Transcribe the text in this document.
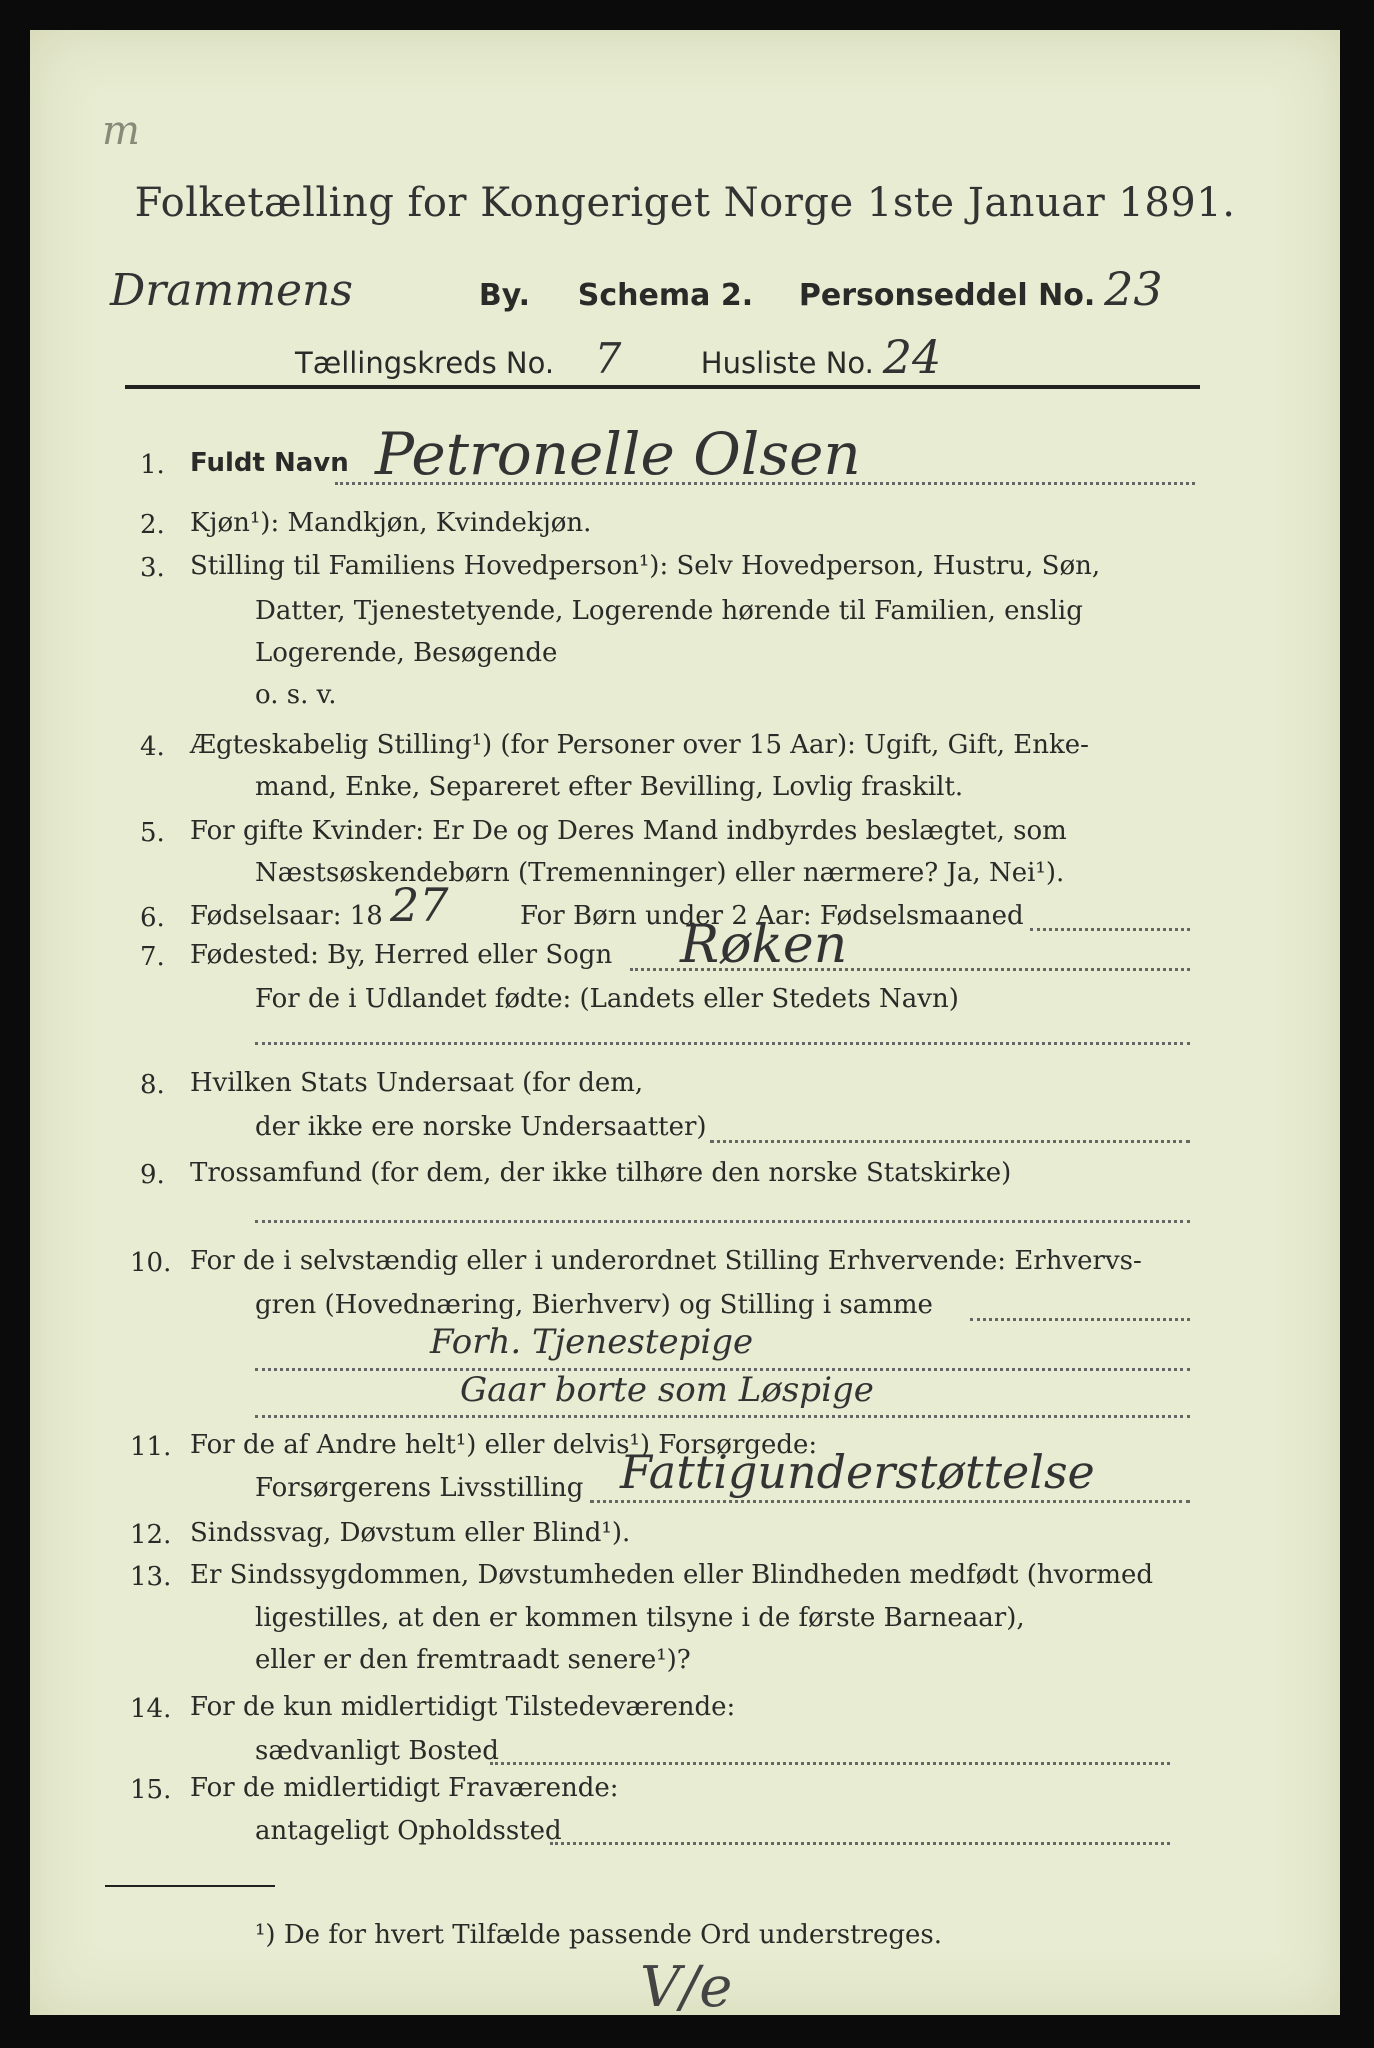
m
Folketælling for Kongeriget Norge 1ste Januar 1891.
Drammens	By. Schema 2. Personseddel No. 23
Tællingskreds No. 7	Husliste No. 24
1. Fuldt Navn Petronelle Olsen
2. Kjøn¹): Mandkjøn, Kvindekjøn.
3. Stilling til Familiens Hovedperson¹): Selv Hovedperson, Hustru, Søn,
Datter, Tjenestetyende, Logerende hørende til Familien, enslig
Logerende, Besøgende
o. s. v.
4. Ægteskabelig Stilling¹) (for Personer over 15 Aar): Ugift, Gift, Enke-
mand, Enke, Separeret efter Bevilling, Lovlig fraskilt.
5. For gifte Kvinder: Er De og Deres Mand indbyrdes beslægtet, som
Næstsøskendebørn (Tremenninger) eller nærmere? Ja, Nei¹).
6. Fødselsaar: 18 27	For Børn under 2 Aar: Fødselsmaaned
7. Fødested: By, Herred eller Sogn Røken
For de i Udlandet fødte: (Landets eller Stedets Navn)
8. Hvilken Stats Undersaat (for dem,
der ikke ere norske Undersaatter)
9. Trossamfund (for dem, der ikke tilhøre den norske Statskirke)
10. For de i selvstændig eller i underordnet Stilling Erhvervende: Erhvervs-
gren (Hovednæring, Bierhverv) og Stilling i samme
Forh. Tjenestepige
Gaar borte som Løspige
11. For de af Andre helt¹) eller delvis¹) Forsørgede:
Forsørgerens Livsstilling Fattigunderstøttelse
12. Sindssvag, Døvstum eller Blind¹).
13. Er Sindssygdommen, Døvstumheden eller Blindheden medfødt (hvormed
ligestilles, at den er kommen tilsyne i de første Barneaar),
eller er den fremtraadt senere¹)?
14. For de kun midlertidigt Tilstedeværende:
sædvanligt Bosted
15. For de midlertidigt Fraværende:
antageligt Opholdssted
¹) De for hvert Tilfælde passende Ord understreges.
V/e
